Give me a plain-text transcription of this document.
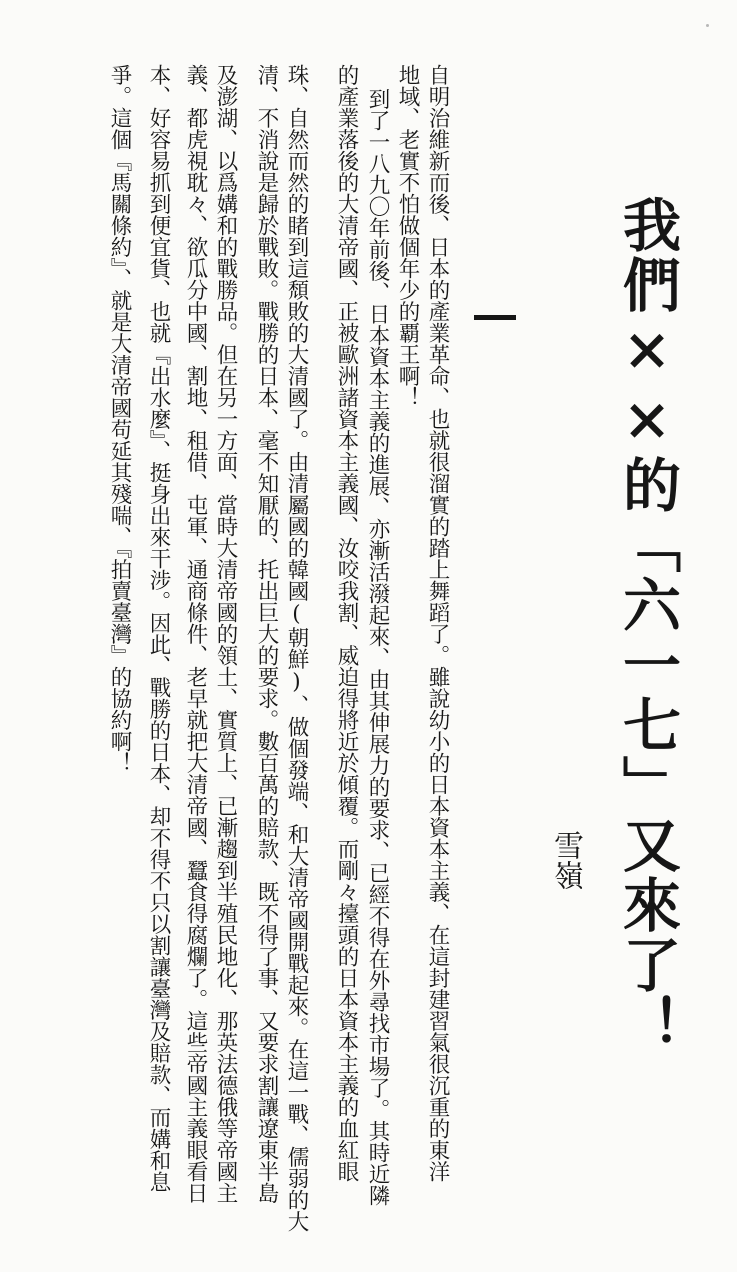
我們××的「六一七」又來了！
雪嶺
自明治維新而後、日本的產業革命、也就很溜實的踏上舞蹈了。雖說幼小的日本資本主義、在這封建習氣很沉重的東洋
地域、老實不怕做個年少的覇王啊！
到了一八九〇年前後、日本資本主義的進展、亦漸活潑起來、由其伸展力的要求、已經不得在外尋找市場了。其時近隣
的產業落後的大清帝國、正被歐洲諸資本主義國、汝咬我割、威迫得將近於傾覆。而剛々擡頭的日本資本主義的血紅眼
珠、自然而然的睹到這頹敗的大清國了。由清屬國的韓國(朝鮮)、做個發端、和大清帝國開戰起來。在這一戰、儒弱的大
清、不消說是歸於戰敗。戰勝的日本、毫不知厭的、托出巨大的要求。數百萬的賠款、既不得了事、又要求割讓遼東半島
及澎湖、以爲媾和的戰勝品。但在另一方面、當時大清帝國的領土、實質上、已漸趨到半殖民地化、那英法德俄等帝國主
義、都虎視耽々、欲瓜分中國、割地、租借、屯軍、通商條件、老早就把大清帝國、蠶食得腐爛了。這些帝國主義眼看日
本、好容易抓到便宜貨、也就『出水麼』、挺身出來干涉。因此、戰勝的日本、却不得不只以割讓臺灣及賠款、而媾和息
爭。這個『馬關條約』、就是大清帝國苟延其殘喘、『拍賣臺灣』的協約啊！
